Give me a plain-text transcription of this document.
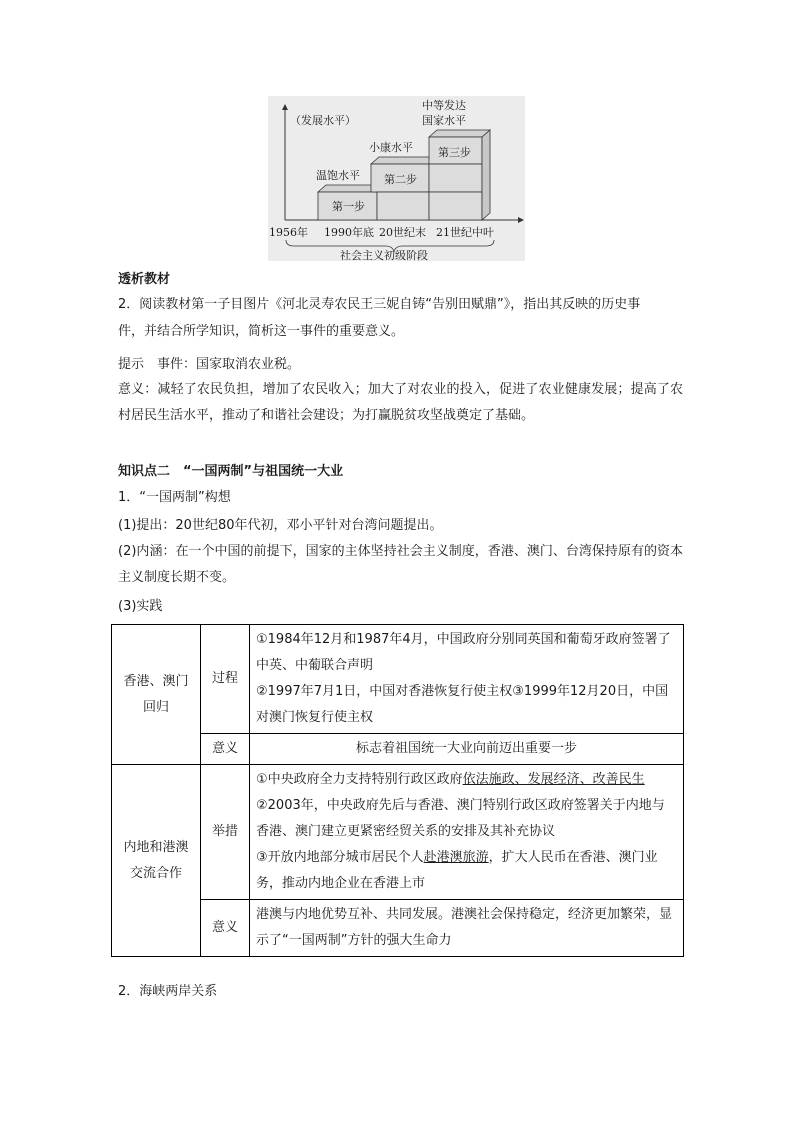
（发展水平）
第一步
第二步
第三步
温饱水平
小康水平
中等发达
国家水平
1956年 1990年底 20世纪末 21世纪中叶
社会主义初级阶段
透析教材
2．阅读教材第一子目图片《河北灵寿农民王三妮自铸“告别田赋鼎”》，指出其反映的历史事
件，并结合所学知识，简析这一事件的重要意义。
提示　事件：国家取消农业税。
意义：减轻了农民负担，增加了农民收入；加大了对农业的投入，促进了农业健康发展；提高了农村居民生活水平，推动了和谐社会建设；为打赢脱贫攻坚战奠定了基础。
知识点二　“一国两制”与祖国统一大业
1．“一国两制”构想
(1)提出：20世纪80年代初，邓小平针对台湾问题提出。
(2)内涵：在一个中国的前提下，国家的主体坚持社会主义制度，香港、澳门、台湾保持原有的资本主义制度长期不变。
(3)实践
香港、澳门回归	过程	①1984年12月和1987年4月，中国政府分别同英国和葡萄牙政府签署了中英、中葡联合声明
②1997年7月1日，中国对香港恢复行使主权③1999年12月20日，中国对澳门恢复行使主权

	意义	标志着祖国统一大业向前迈出重要一步
内地和港澳交流合作	举措	①中央政府全力支持特别行政区政府依法施政、发展经济、改善民生
②2003年，中央政府先后与香港、澳门特别行政区政府签署关于内地与香港、澳门建立更紧密经贸关系的安排及其补充协议
③开放内地部分城市居民个人赴港澳旅游，扩大人民币在香港、澳门业务，推动内地企业在香港上市

	意义	港澳与内地优势互补、共同发展。港澳社会保持稳定，经济更加繁荣，显示了“一国两制”方针的强大生命力
2．海峡两岸关系
